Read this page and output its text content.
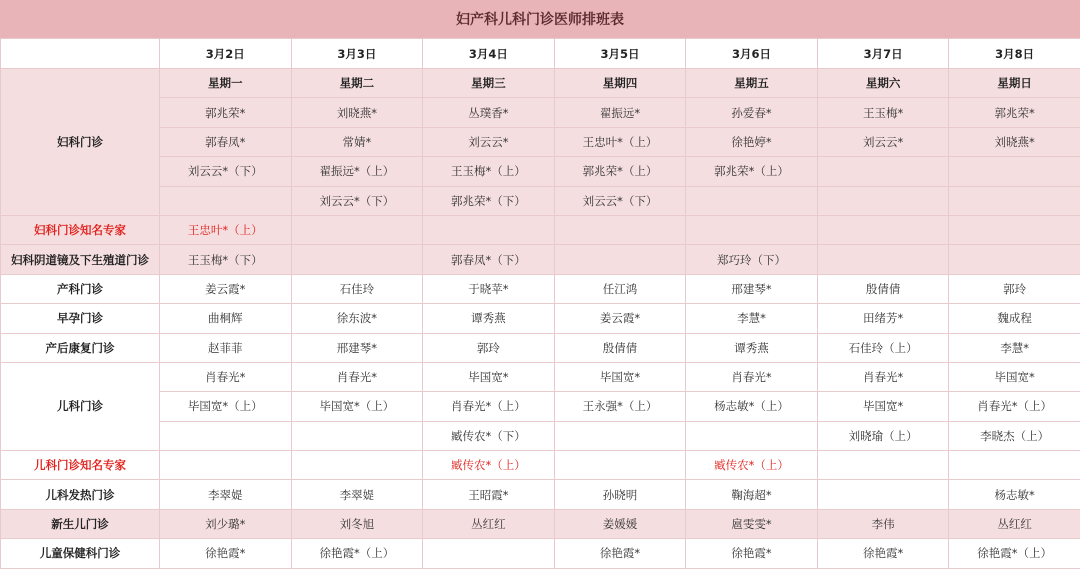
妇产科儿科门诊医师排班表
	3月2日	3月3日	3月4日	3月5日	3月6日	3月7日	3月8日
妇科门诊	星期一	星期二	星期三	星期四	星期五	星期六	星期日
	郭兆荣*	刘晓燕*	丛璞香*	翟振远*	孙爱春*	王玉梅*	郭兆荣*
	郭春凤*	常婧*	刘云云*	王忠叶*（上）	徐艳婷*	刘云云*	刘晓燕*
	刘云云*（下）	翟振远*（上）	王玉梅*（上）	郭兆荣*（上）	郭兆荣*（上）		
		刘云云*（下）	郭兆荣*（下）	刘云云*（下）			
妇科门诊知名专家	王忠叶*（上）						
妇科阴道镜及下生殖道门诊	王玉梅*（下）		郭春凤*（下）		郑巧玲（下）		
产科门诊	姜云霞*	石佳玲	于晓苹*	任江鸿	邢建琴*	殷倩倩	郭玲
早孕门诊	曲桐辉	徐东波*	谭秀燕	姜云霞*	李慧*	田绪芳*	魏成程
产后康复门诊	赵菲菲	邢建琴*	郭玲	殷倩倩	谭秀燕	石佳玲（上）	李慧*
儿科门诊	肖春光*	肖春光*	毕国宽*	毕国宽*	肖春光*	肖春光*	毕国宽*
	毕国宽*（上）	毕国宽*（上）	肖春光*（上）	王永强*（上）	杨志敏*（上）	毕国宽*	肖春光*（上）
			臧传农*（下）			刘晓瑜（上）	李晓杰（上）
儿科门诊知名专家			臧传农*（上）		臧传农*（上）		
儿科发热门诊	李翠媞	李翠媞	王昭霞*	孙晓明	鞠海超*		杨志敏*
新生儿门诊	刘少璐*	刘冬旭	丛红红	姜媛媛	扈雯雯*	李伟	丛红红
儿童保健科门诊	徐艳霞*	徐艳霞*（上）		徐艳霞*	徐艳霞*	徐艳霞*	徐艳霞*（上）
